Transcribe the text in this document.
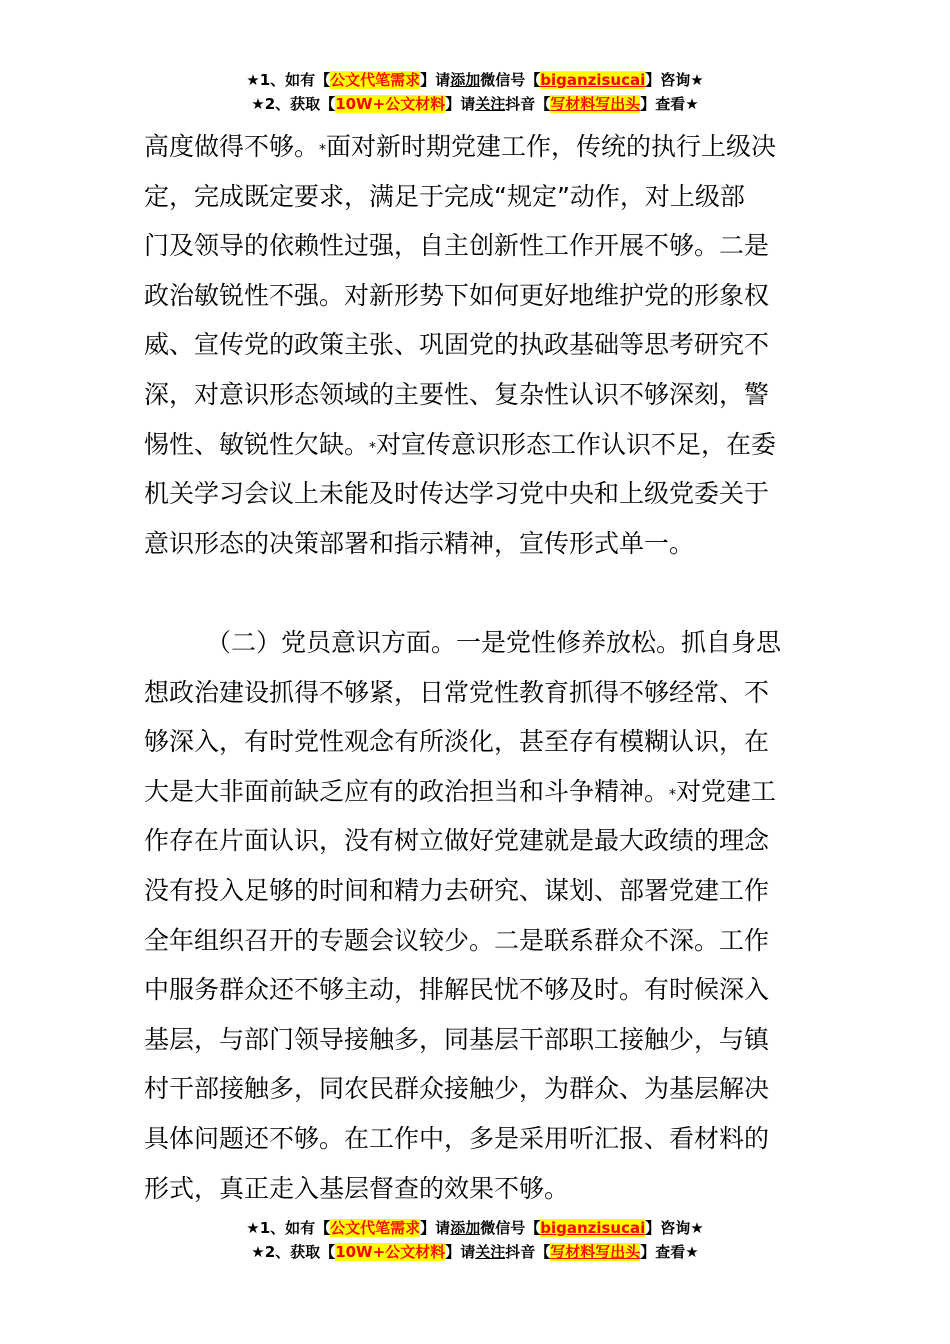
★1、如有【公文代笔需求】请添加微信号【biganzisucai】咨询★
★2、获取【10W+公文材料】请关注抖音【写材料写出头】查看★
高度做得不够。*面对新时期党建工作，传统的执行上级决
定，完成既定要求，满足于完成“规定”动作，对上级部
门及领导的依赖性过强，自主创新性工作开展不够。二是
政治敏锐性不强。对新形势下如何更好地维护党的形象权
威、宣传党的政策主张、巩固党的执政基础等思考研究不
深，对意识形态领域的主要性、复杂性认识不够深刻，警
惕性、敏锐性欠缺。*对宣传意识形态工作认识不足，在委
机关学习会议上未能及时传达学习党中央和上级党委关于
意识形态的决策部署和指示精神，宣传形式单一。
（二）党员意识方面。一是党性修养放松。抓自身思
想政治建设抓得不够紧，日常党性教育抓得不够经常、不
够深入，有时党性观念有所淡化，甚至存有模糊认识，在
大是大非面前缺乏应有的政治担当和斗争精神。*对党建工
作存在片面认识，没有树立做好党建就是最大政绩的理念
没有投入足够的时间和精力去研究、谋划、部署党建工作
全年组织召开的专题会议较少。二是联系群众不深。工作
中服务群众还不够主动，排解民忧不够及时。有时候深入
基层，与部门领导接触多，同基层干部职工接触少，与镇
村干部接触多，同农民群众接触少，为群众、为基层解决
具体问题还不够。在工作中，多是采用听汇报、看材料的
形式，真正走入基层督查的效果不够。
★1、如有【公文代笔需求】请添加微信号【biganzisucai】咨询★
★2、获取【10W+公文材料】请关注抖音【写材料写出头】查看★
